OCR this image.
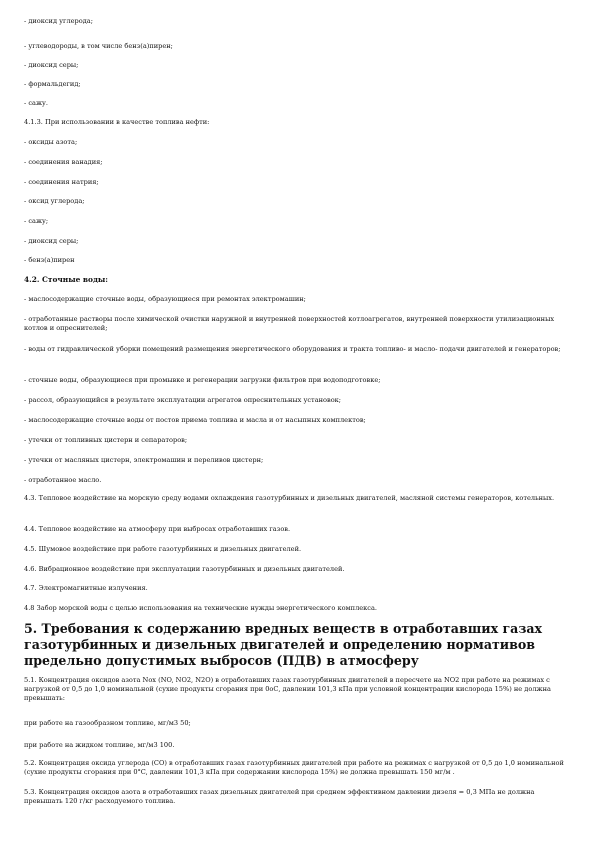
- диоксид углерода;
- углеводороды, в том числе бенз(а)пирен;
- диоксид серы;
- формальдегид;
- сажу.
4.1.3. При использовании в качестве топлива нефти:
- оксиды азота;
- соединения ванадия;
- соединения натрия;
- оксид углерода;
- сажу;
- диоксид серы;
- бенз(а)пирен
4.2. Сточные воды:
- маслосодержащие сточные воды, образующиеся при ремонтах электромашин;
- отработанные растворы после химической очистки наружной и внутренней поверхностей котлоагрегатов, внутренней поверхности утилизационных котлов и опреснителей;
- воды от гидравлической уборки помещений размещения энергетического оборудования и тракта топливо- и масло- подачи двигателей и генераторов;
- сточные воды, образующиеся при промывке и регенерации загрузки фильтров при водоподготовке;
- рассол, образующийся в результате эксплуатации агрегатов опреснительных установок;
- маслосодержащие сточные воды от постов приема топлива и масла и от насыпных комплектов;
- утечки от топливных цистерн и сепараторов;
- утечки от масляных цистерн, электромашин и переливов цистерн;
- отработанное масло.
4.3. Тепловое воздействие на морскую среду водами охлаждения газотурбинных и дизельных двигателей, масляной системы генераторов, котельных.
4.4. Тепловое воздействие на атмосферу при выбросах отработавших газов.
4.5. Шумовое воздействие при работе газотурбинных и дизельных двигателей.
4.6. Вибрационное воздействие при эксплуатации газотурбинных и дизельных двигателей.
4.7. Электромагнитные излучения.
4.8 Забор морской воды с целью использования на технические нужды энергетического комплекса.
5. Требования к содержанию вредных веществ в отработавших газах газотурбинных и дизельных двигателей и определению нормативов предельно допустимых выбросов (ПДВ) в атмосферу
5.1. Концентрация оксидов азота Nox (NO, NO2, N2O) в отработавших газах газотурбинных двигателей в пересчете на NO2 при работе на режимах с нагрузкой от 0,5 до 1,0 номинальной (сухие продукты сгорания при 0оС, давлении 101,3 кПа при условной концентрации кислорода 15%) не должна превышать:
при работе на газообразном топливе, мг/м3 50;
при работе на жидком топливе, мг/м3 100.
5.2. Концентрация оксида углерода (CO) в отработавших газах газотурбинных двигателей при работе на режимах с нагрузкой от 0,5 до 1,0 номинальной (сухие продукты сгорания при 0°C, давлении 101,3 кПа при содержании кислорода 15%) не должна превышать 150 мг/м .
5.3. Концентрация оксидов азота в отработавших газах дизельных двигателей при среднем эффективном давлении дизеля = 0,3 МПа не должна превышать 120 г/кг расходуемого топлива.
